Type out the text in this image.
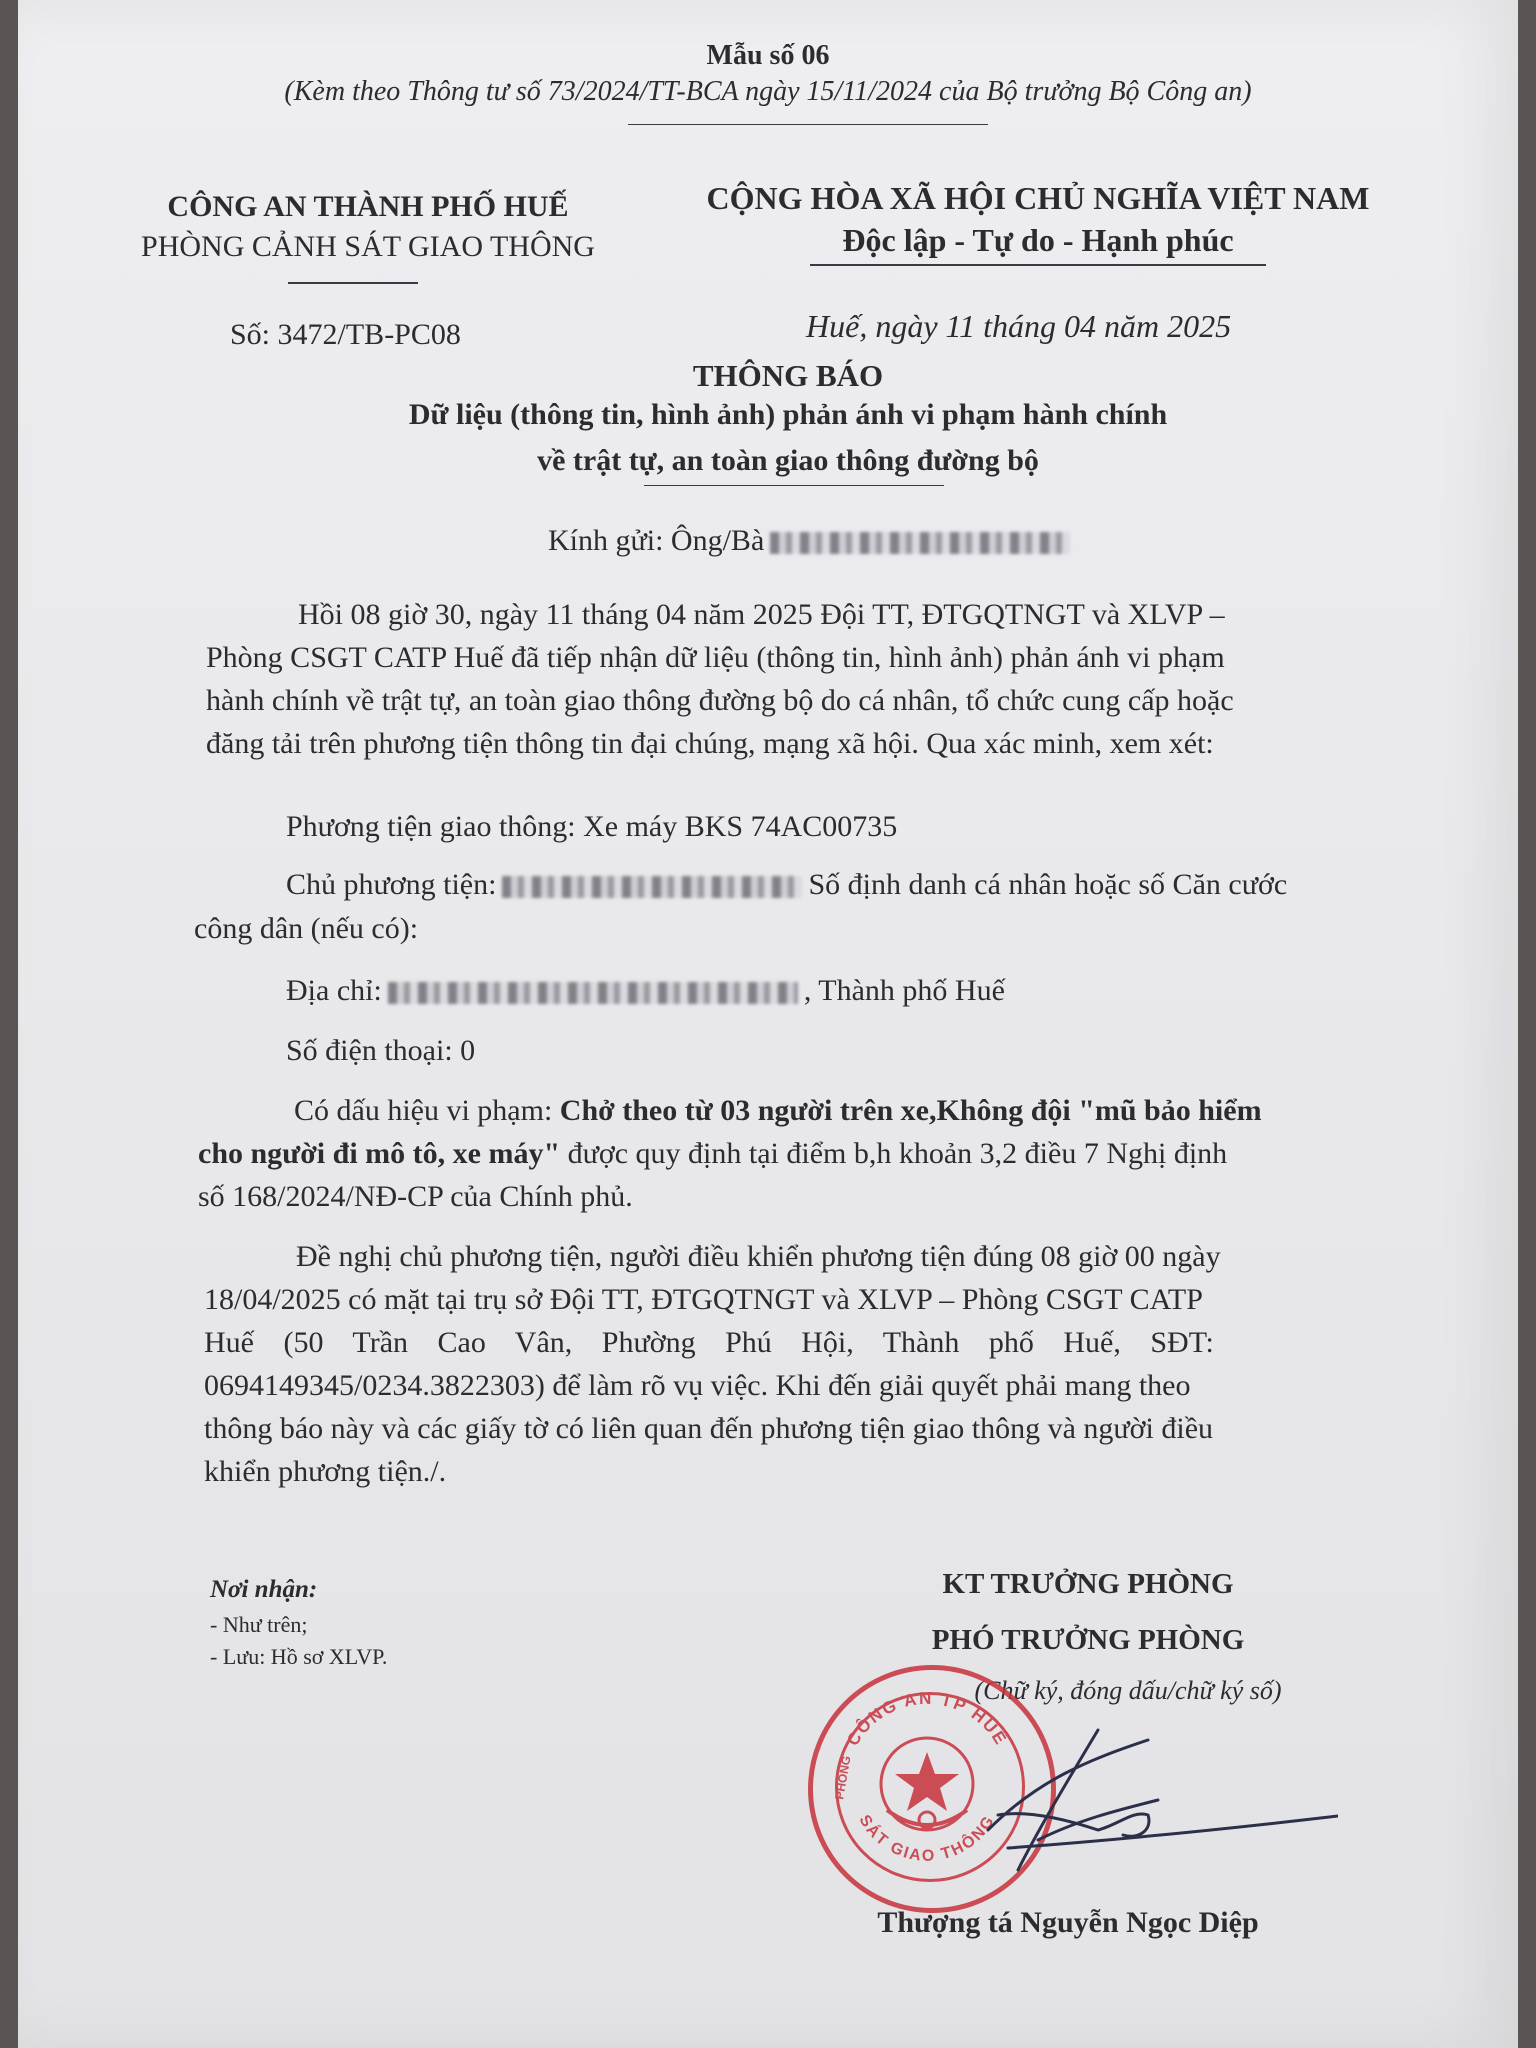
Mẫu số 06
(Kèm theo Thông tư số 73/2024/TT-BCA ngày 15/11/2024 của Bộ trưởng Bộ Công an)
CÔNG AN THÀNH PHỐ HUẾ
PHÒNG CẢNH SÁT GIAO THÔNG
Số: 3472/TB-PC08
CỘNG HÒA XÃ HỘI CHỦ NGHĨA VIỆT NAM
Độc lập - Tự do - Hạnh phúc
Huế, ngày 11 tháng 04 năm 2025
THÔNG BÁO
Dữ liệu (thông tin, hình ảnh) phản ánh vi phạm hành chính
về trật tự, an toàn giao thông đường bộ
Kính gửi: Ông/Bà
Hồi 08 giờ 30, ngày 11 tháng 04 năm 2025 Đội TT, ĐTGQTNGT và XLVP –
Phòng CSGT CATP Huế đã tiếp nhận dữ liệu (thông tin, hình ảnh) phản ánh vi phạm
hành chính về trật tự, an toàn giao thông đường bộ do cá nhân, tổ chức cung cấp hoặc
đăng tải trên phương tiện thông tin đại chúng, mạng xã hội. Qua xác minh, xem xét:
Phương tiện giao thông: Xe máy BKS 74AC00735
Chủ phương tiện:	Số định danh cá nhân hoặc số Căn cước
công dân (nếu có):
Địa chỉ:	, Thành phố Huế
Số điện thoại: 0
Có dấu hiệu vi phạm: Chở theo từ 03 người trên xe,Không đội "mũ bảo hiểm
cho người đi mô tô, xe máy" được quy định tại điểm b,h khoản 3,2 điều 7 Nghị định
số 168/2024/NĐ-CP của Chính phủ.
Đề nghị chủ phương tiện, người điều khiển phương tiện đúng 08 giờ 00 ngày
18/04/2025 có mặt tại trụ sở Đội TT, ĐTGQTNGT và XLVP – Phòng CSGT CATP
Huế (50 Trần Cao Vân, Phường Phú Hội, Thành phố Huế, SĐT:
0694149345/0234.3822303) để làm rõ vụ việc. Khi đến giải quyết phải mang theo
thông báo này và các giấy tờ có liên quan đến phương tiện giao thông và người điều
khiển phương tiện./.
Nơi nhận:
- Như trên;
- Lưu: Hồ sơ XLVP.
KT TRƯỞNG PHÒNG
PHÓ TRƯỞNG PHÒNG
(Chữ ký, đóng dấu/chữ ký số)
CÔNG AN TP HUẾ
SÁT GIAO THÔNG
PHÒNG
Thượng tá Nguyễn Ngọc Diệp
